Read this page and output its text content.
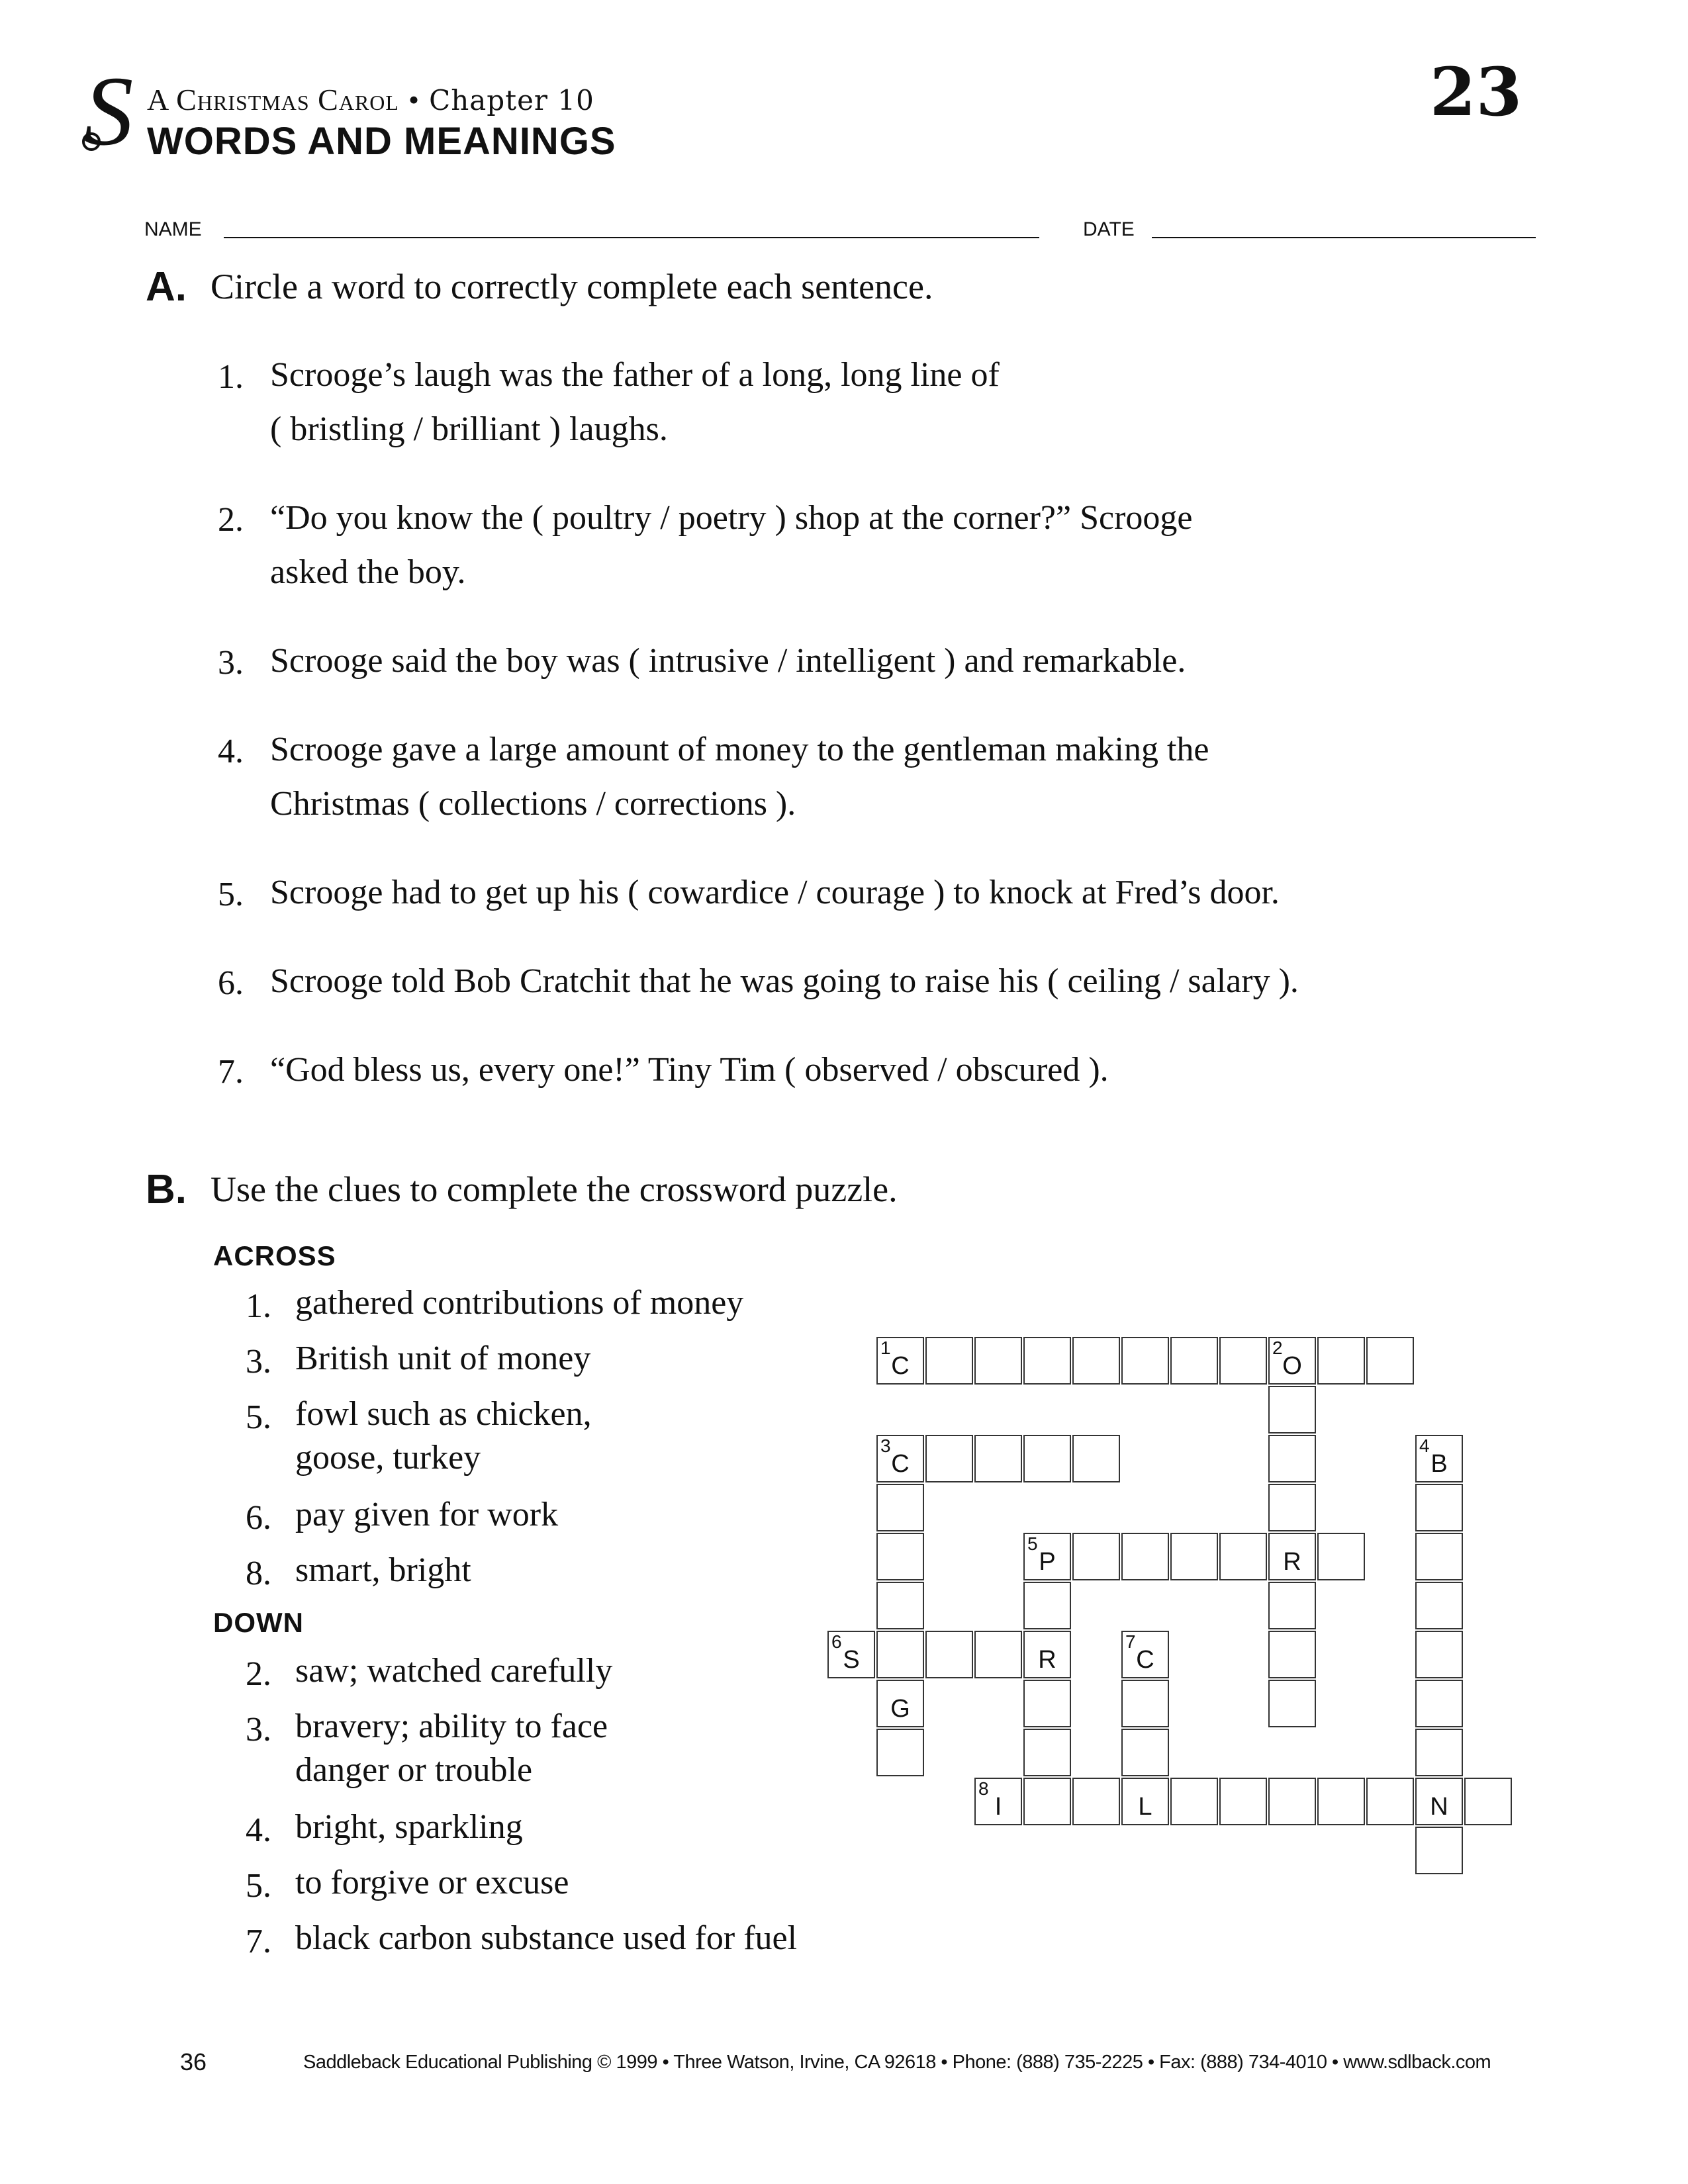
S A Christmas Carol • Chapter 10
WORDS AND MEANINGS
23
NAME	DATE
A. Circle a word to correctly complete each sentence.
1. Scrooge’s laugh was the father of a long, long line of
( bristling / brilliant ) laughs.
2. “Do you know the ( poultry / poetry ) shop at the corner?” Scrooge
asked the boy.
3. Scrooge said the boy was ( intrusive / intelligent ) and remarkable.
4. Scrooge gave a large amount of money to the gentleman making the
Christmas ( collections / corrections ).
5. Scrooge had to get up his ( cowardice / courage ) to knock at Fred’s door.
6. Scrooge told Bob Cratchit that he was going to raise his ( ceiling / salary ).
7. “God bless us, every one!” Tiny Tim ( observed / obscured ).
B. Use the clues to complete the crossword puzzle.
ACROSS
1. gathered contributions of money
3. British unit of money
5. fowl such as chicken,
goose, turkey
6. pay given for work
8. smart, bright
DOWN
2. saw; watched carefully
3. bravery; ability to face
danger or trouble
4. bright, sparkling
5. to forgive or excuse
7. black carbon substance used for fuel
1
C
2
O
3
C
4
B
5
P	R
6
S	R
7
C
G
8
I	L	N
36	Saddleback Educational Publishing © 1999 • Three Watson, Irvine, CA 92618 • Phone: (888) 735-2225 • Fax: (888) 734-4010 • www.sdlback.com
